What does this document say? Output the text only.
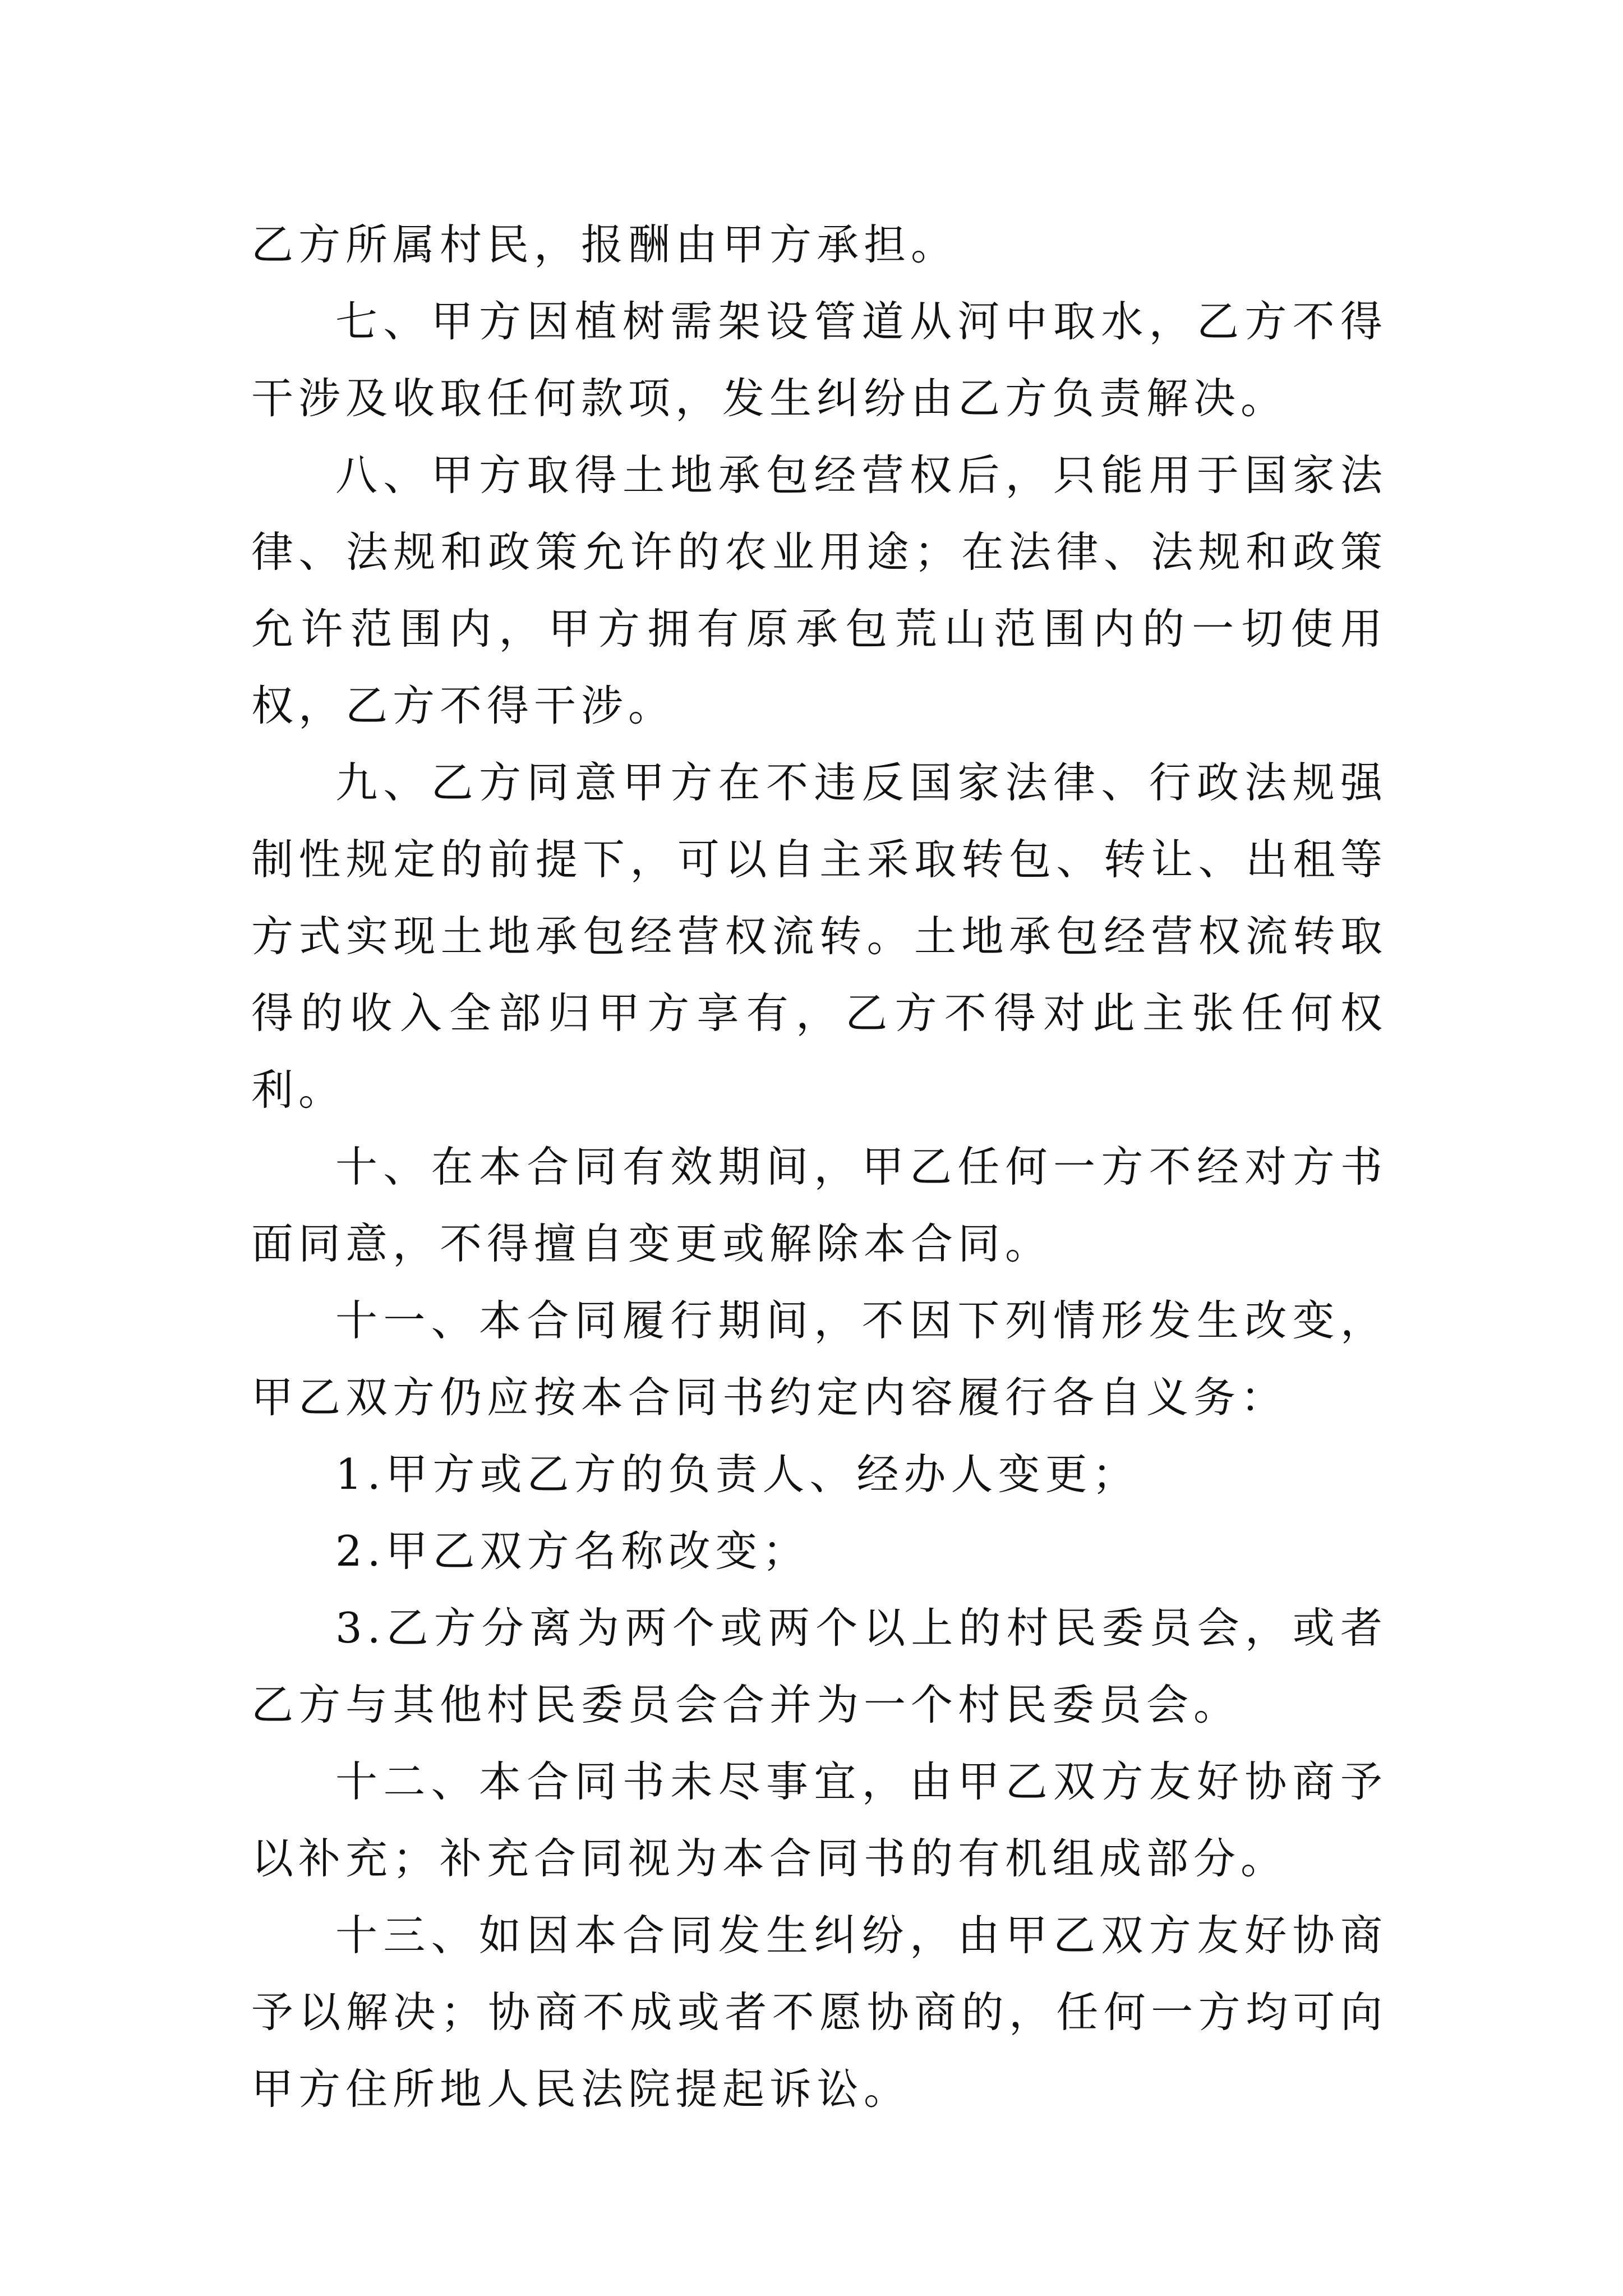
乙方所属村民，报酬由甲方承担。

七、甲方因植树需架设管道从河中取水，乙方不得干涉及收取任何款项，发生纠纷由乙方负责解决。

八、甲方取得土地承包经营权后，只能用于国家法律、法规和政策允许的农业用途；在法律、法规和政策允许范围内，甲方拥有原承包荒山范围内的一切使用权，乙方不得干涉。

九、乙方同意甲方在不违反国家法律、行政法规强制性规定的前提下，可以自主采取转包、转让、出租等方式实现土地承包经营权流转。土地承包经营权流转取得的收入全部归甲方享有，乙方不得对此主张任何权利。

十、在本合同有效期间，甲乙任何一方不经对方书面同意，不得擅自变更或解除本合同。

十一、本合同履行期间，不因下列情形发生改变，甲乙双方仍应按本合同书约定内容履行各自义务：

1.甲方或乙方的负责人、经办人变更；

2.甲乙双方名称改变；

3.乙方分离为两个或两个以上的村民委员会，或者乙方与其他村民委员会合并为一个村民委员会。

十二、本合同书未尽事宜，由甲乙双方友好协商予以补充；补充合同视为本合同书的有机组成部分。

十三、如因本合同发生纠纷，由甲乙双方友好协商予以解决；协商不成或者不愿协商的，任何一方均可向甲方住所地人民法院提起诉讼。
